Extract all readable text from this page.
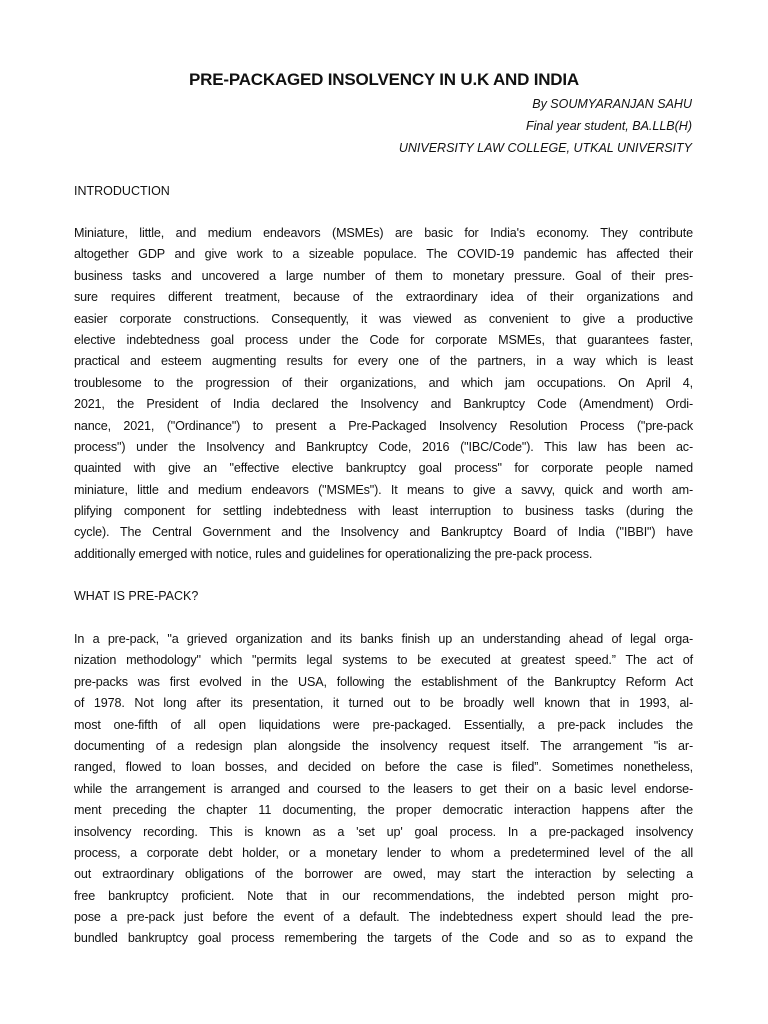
PRE-PACKAGED INSOLVENCY IN U.K AND INDIA
By SOUMYARANJAN SAHU
Final year student, BA.LLB(H)
UNIVERSITY LAW COLLEGE, UTKAL UNIVERSITY
INTRODUCTION
Miniature, little, and medium endeavors (MSMEs) are basic for India's economy. They contribute
altogether GDP and give work to a sizeable populace. The COVID-19 pandemic has affected their
business tasks and uncovered a large number of them to monetary pressure. Goal of their pres-
sure requires different treatment, because of the extraordinary idea of their organizations and
easier corporate constructions. Consequently, it was viewed as convenient to give a productive
elective indebtedness goal process under the Code for corporate MSMEs, that guarantees faster,
practical and esteem augmenting results for every one of the partners, in a way which is least
troublesome to the progression of their organizations, and which jam occupations. On April 4,
2021, the President of India declared the Insolvency and Bankruptcy Code (Amendment) Ordi-
nance, 2021, ("Ordinance") to present a Pre-Packaged Insolvency Resolution Process ("pre-pack
process") under the Insolvency and Bankruptcy Code, 2016 ("IBC/Code"). This law has been ac-
quainted with give an "effective elective bankruptcy goal process" for corporate people named
miniature, little and medium endeavors ("MSMEs"). It means to give a savvy, quick and worth am-
plifying component for settling indebtedness with least interruption to business tasks (during the
cycle). The Central Government and the Insolvency and Bankruptcy Board of India ("IBBI") have
additionally emerged with notice, rules and guidelines for operationalizing the pre-pack process.
WHAT IS PRE-PACK?
In a pre-pack, "a grieved organization and its banks finish up an understanding ahead of legal orga-
nization methodology" which "permits legal systems to be executed at greatest speed.” The act of
pre-packs was first evolved in the USA, following the establishment of the Bankruptcy Reform Act
of 1978. Not long after its presentation, it turned out to be broadly well known that in 1993, al-
most one-fifth of all open liquidations were pre-packaged. Essentially, a pre-pack includes the
documenting of a redesign plan alongside the insolvency request itself. The arrangement "is ar-
ranged, flowed to loan bosses, and decided on before the case is filed”. Sometimes nonetheless,
while the arrangement is arranged and coursed to the leasers to get their on a basic level endorse-
ment preceding the chapter 11 documenting, the proper democratic interaction happens after the
insolvency recording. This is known as a 'set up' goal process. In a pre-packaged insolvency
process, a corporate debt holder, or a monetary lender to whom a predetermined level of the all
out extraordinary obligations of the borrower are owed, may start the interaction by selecting a
free bankruptcy proficient. Note that in our recommendations, the indebted person might pro-
pose a pre-pack just before the event of a default. The indebtedness expert should lead the pre-
bundled bankruptcy goal process remembering the targets of the Code and so as to expand the
